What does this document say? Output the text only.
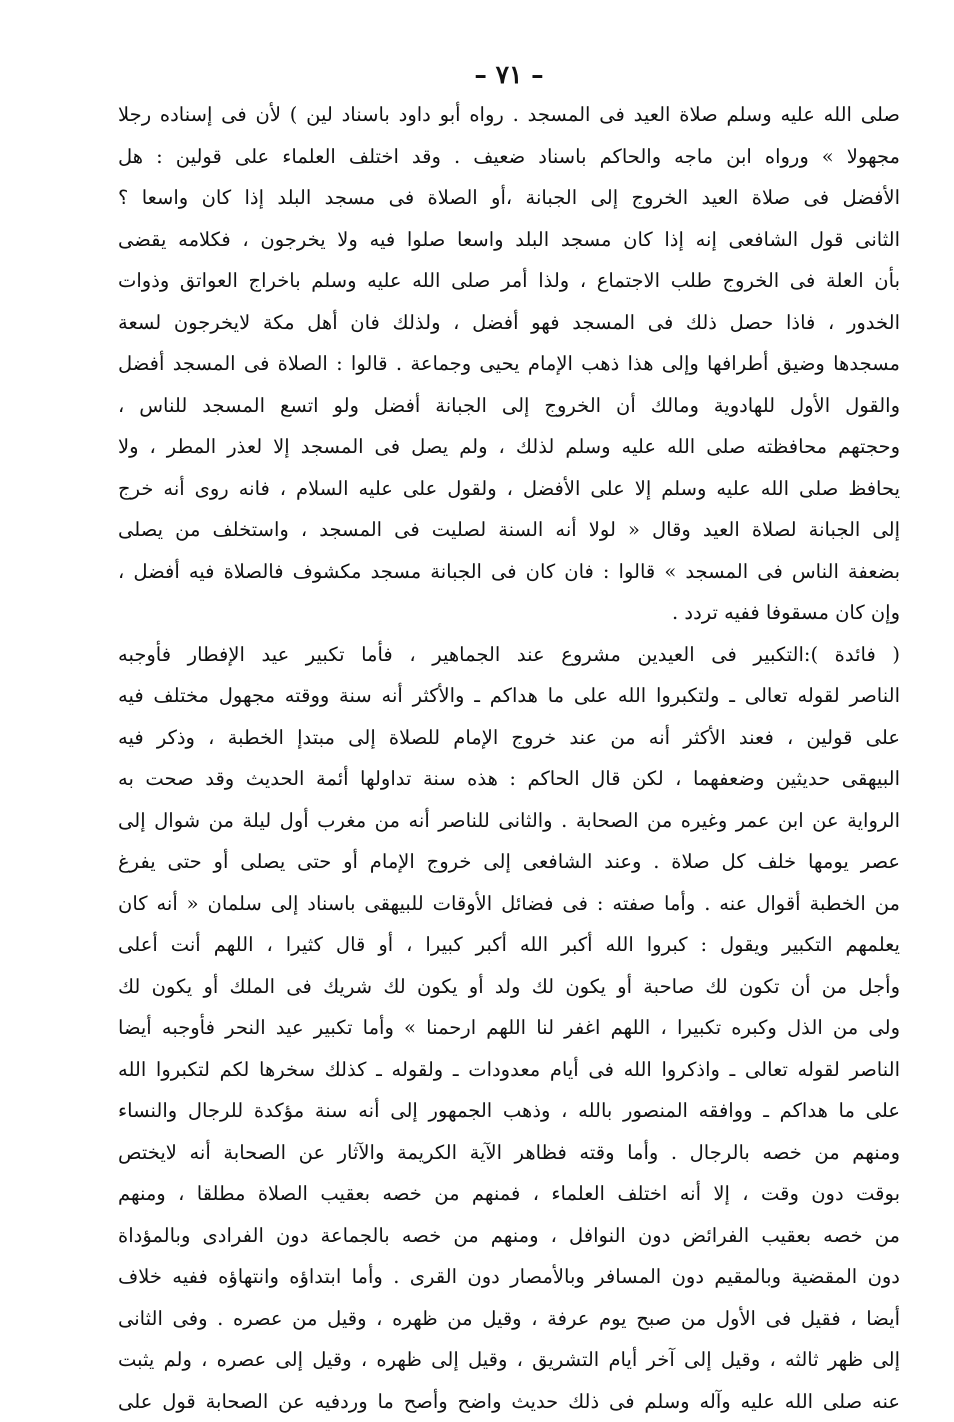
– ٧١ –
صلى الله عليه وسلم صلاة العيد فى المسجد . رواه أبو داود باسناد لين ) لأن فى إسناده رجلا
مجهولا » ورواه ابن ماجه والحاكم باسناد ضعيف . وقد اختلف العلماء على قولين : هل
الأفضل فى صلاة العيد الخروج إلى الجبانة ،أو الصلاة فى مسجد البلد إذا كان واسعا ؟
الثانى قول الشافعى إنه إذا كان مسجد البلد واسعا صلوا فيه ولا يخرجون ، فكلامه يقضى
بأن العلة فى الخروج طلب الاجتماع ، ولذا أمر صلى الله عليه وسلم باخراج العواتق وذوات
الخدور ، فاذا حصل ذلك فى المسجد فهو أفضل ، ولذلك فان أهل مكة لايخرجون لسعة
مسجدها وضيق أطرافها وإلى هذا ذهب الإمام يحيى وجماعة . قالوا : الصلاة فى المسجد أفضل
والقول الأول للهادوية ومالك أن الخروج إلى الجبانة أفضل ولو اتسع المسجد للناس ،
وحجتهم محافظته صلى الله عليه وسلم لذلك ، ولم يصل فى المسجد إلا لعذر المطر ، ولا
يحافظ صلى الله عليه وسلم إلا على الأفضل ، ولقول على عليه السلام ، فانه روى أنه خرج
إلى الجبانة لصلاة العيد وقال « لولا أنه السنة لصليت فى المسجد ، واستخلف من يصلى
بضعفة الناس فى المسجد » قالوا : فان كان فى الجبانة مسجد مكشوف فالصلاة فيه أفضل ،
وإن كان مسقوفا ففيه تردد .
( فائدة ):التكبير فى العيدين مشروع عند الجماهير ، فأما تكبير عيد الإفطار فأوجبه
الناصر لقوله تعالى ـ ولتكبروا الله على ما هداكم ـ والأكثر أنه سنة ووقته مجهول مختلف فيه
على قولين ، فعند الأكثر أنه من عند خروج الإمام للصلاة إلى مبتدإ الخطبة ، وذكر فيه
البيهقى حديثين وضعفهما ، لكن قال الحاكم : هذه سنة تداولها أئمة الحديث وقد صحت به
الرواية عن ابن عمر وغيره من الصحابة . والثانى للناصر أنه من مغرب أول ليلة من شوال إلى
عصر يومها خلف كل صلاة . وعند الشافعى إلى خروج الإمام أو حتى يصلى أو حتى يفرغ
من الخطبة أقوال عنه . وأما صفته : فى فضائل الأوقات للبيهقى باسناد إلى سلمان « أنه كان
يعلمهم التكبير ويقول : كبروا الله أكبر الله أكبر كبيرا ، أو قال كثيرا ، اللهم أنت أعلى
وأجل من أن تكون لك صاحبة أو يكون لك ولد أو يكون لك شريك فى الملك أو يكون لك
ولى من الذل وكبره تكبيرا ، اللهم اغفر لنا اللهم ارحمنا » وأما تكبير عيد النحر فأوجبه أيضا
الناصر لقوله تعالى ـ واذكروا الله فى أيام معدودات ـ ولقوله ـ كذلك سخرها لكم لتكبروا الله
على ما هداكم ـ ووافقه المنصور بالله ، وذهب الجمهور إلى أنه سنة مؤكدة للرجال والنساء
ومنهم من خصه بالرجال . وأما وقته فظاهر الآية الكريمة والآثار عن الصحابة أنه لايختص
بوقت دون وقت ، إلا أنه اختلف العلماء ، فمنهم من خصه بعقيب الصلاة مطلقا ، ومنهم
من خصه بعقيب الفرائض دون النوافل ، ومنهم من خصه بالجماعة دون الفرادى وبالمؤداة
دون المقضية وبالمقيم دون المسافر وبالأمصار دون القرى . وأما ابتداؤه وانتهاؤه ففيه خلاف
أيضا ، فقيل فى الأول من صبح يوم عرفة ، وقيل من ظهره ، وقيل من عصره . وفى الثانى
إلى ظهر ثالثه ، وقيل إلى آخر أيام التشريق ، وقيل إلى ظهره ، وقيل إلى عصره ، ولم يثبت
عنه صلى الله عليه وآله وسلم فى ذلك حديث واضح وأصح ما وردفيه عن الصحابة قول على
